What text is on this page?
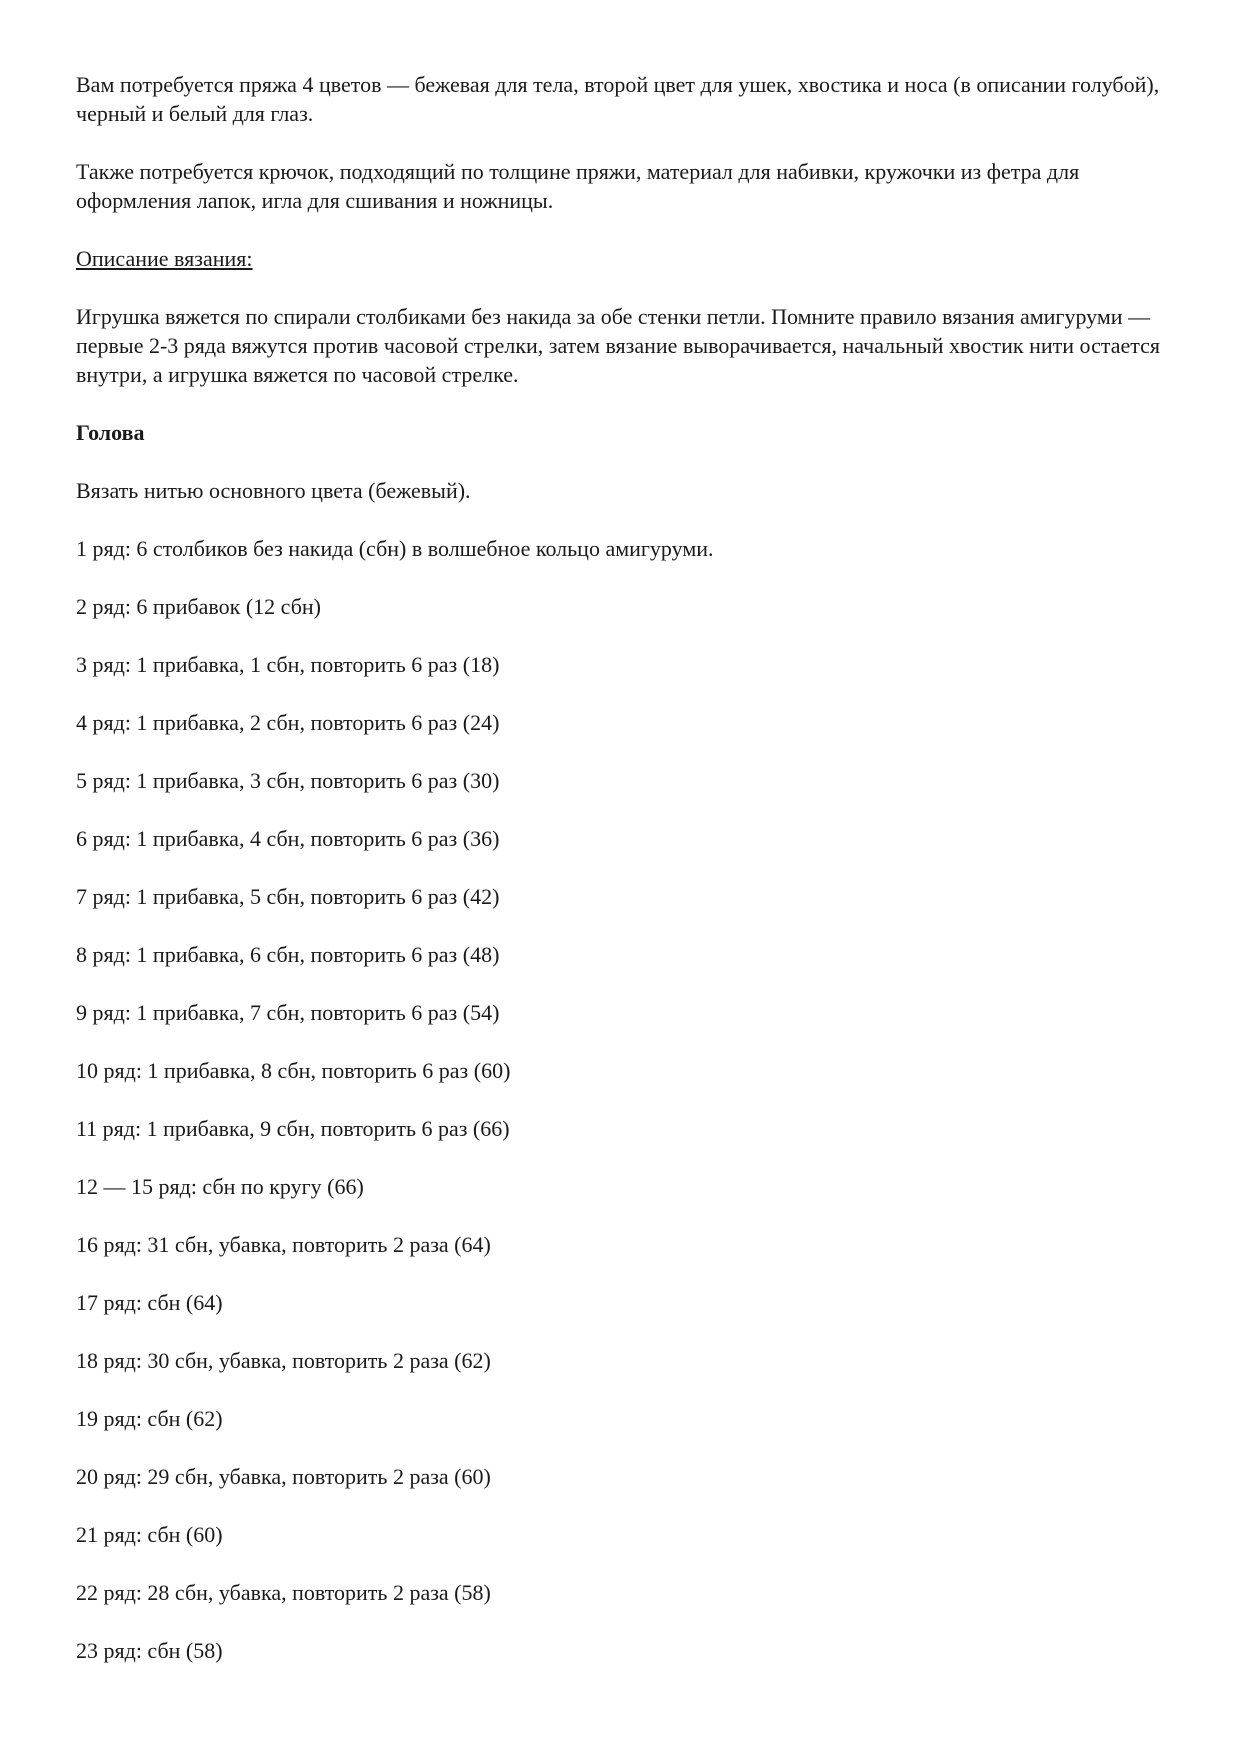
Вам потребуется пряжа 4 цветов — бежевая для тела, второй цвет для ушек, хвостика и носа (в описании голубой), черный и белый для глаз.

Также потребуется крючок, подходящий по толщине пряжи, материал для набивки, кружочки из фетра для оформления лапок, игла для сшивания и ножницы.

Описание вязания:

Игрушка вяжется по спирали столбиками без накида за обе стенки петли. Помните правило вязания амигуруми — первые 2-3 ряда вяжутся против часовой стрелки, затем вязание выворачивается, начальный хвостик нити остается внутри, а игрушка вяжется по часовой стрелке.

Голова

Вязать нитью основного цвета (бежевый).

1 ряд: 6 столбиков без накида (сбн) в волшебное кольцо амигуруми.
2 ряд: 6 прибавок (12 сбн)
3 ряд: 1 прибавка, 1 сбн, повторить 6 раз (18)
4 ряд: 1 прибавка, 2 сбн, повторить 6 раз (24)
5 ряд: 1 прибавка, 3 сбн, повторить 6 раз (30)
6 ряд: 1 прибавка, 4 сбн, повторить 6 раз (36)
7 ряд: 1 прибавка, 5 сбн, повторить 6 раз (42)
8 ряд: 1 прибавка, 6 сбн, повторить 6 раз (48)
9 ряд: 1 прибавка, 7 сбн, повторить 6 раз (54)
10 ряд: 1 прибавка, 8 сбн, повторить 6 раз (60)
11 ряд: 1 прибавка, 9 сбн, повторить 6 раз (66)
12 — 15 ряд: сбн по кругу (66)
16 ряд: 31 сбн, убавка, повторить 2 раза (64)
17 ряд: сбн (64)
18 ряд: 30 сбн, убавка, повторить 2 раза (62)
19 ряд: сбн (62)
20 ряд: 29 сбн, убавка, повторить 2 раза (60)
21 ряд: сбн (60)
22 ряд: 28 сбн, убавка, повторить 2 раза (58)
23 ряд: сбн (58)
